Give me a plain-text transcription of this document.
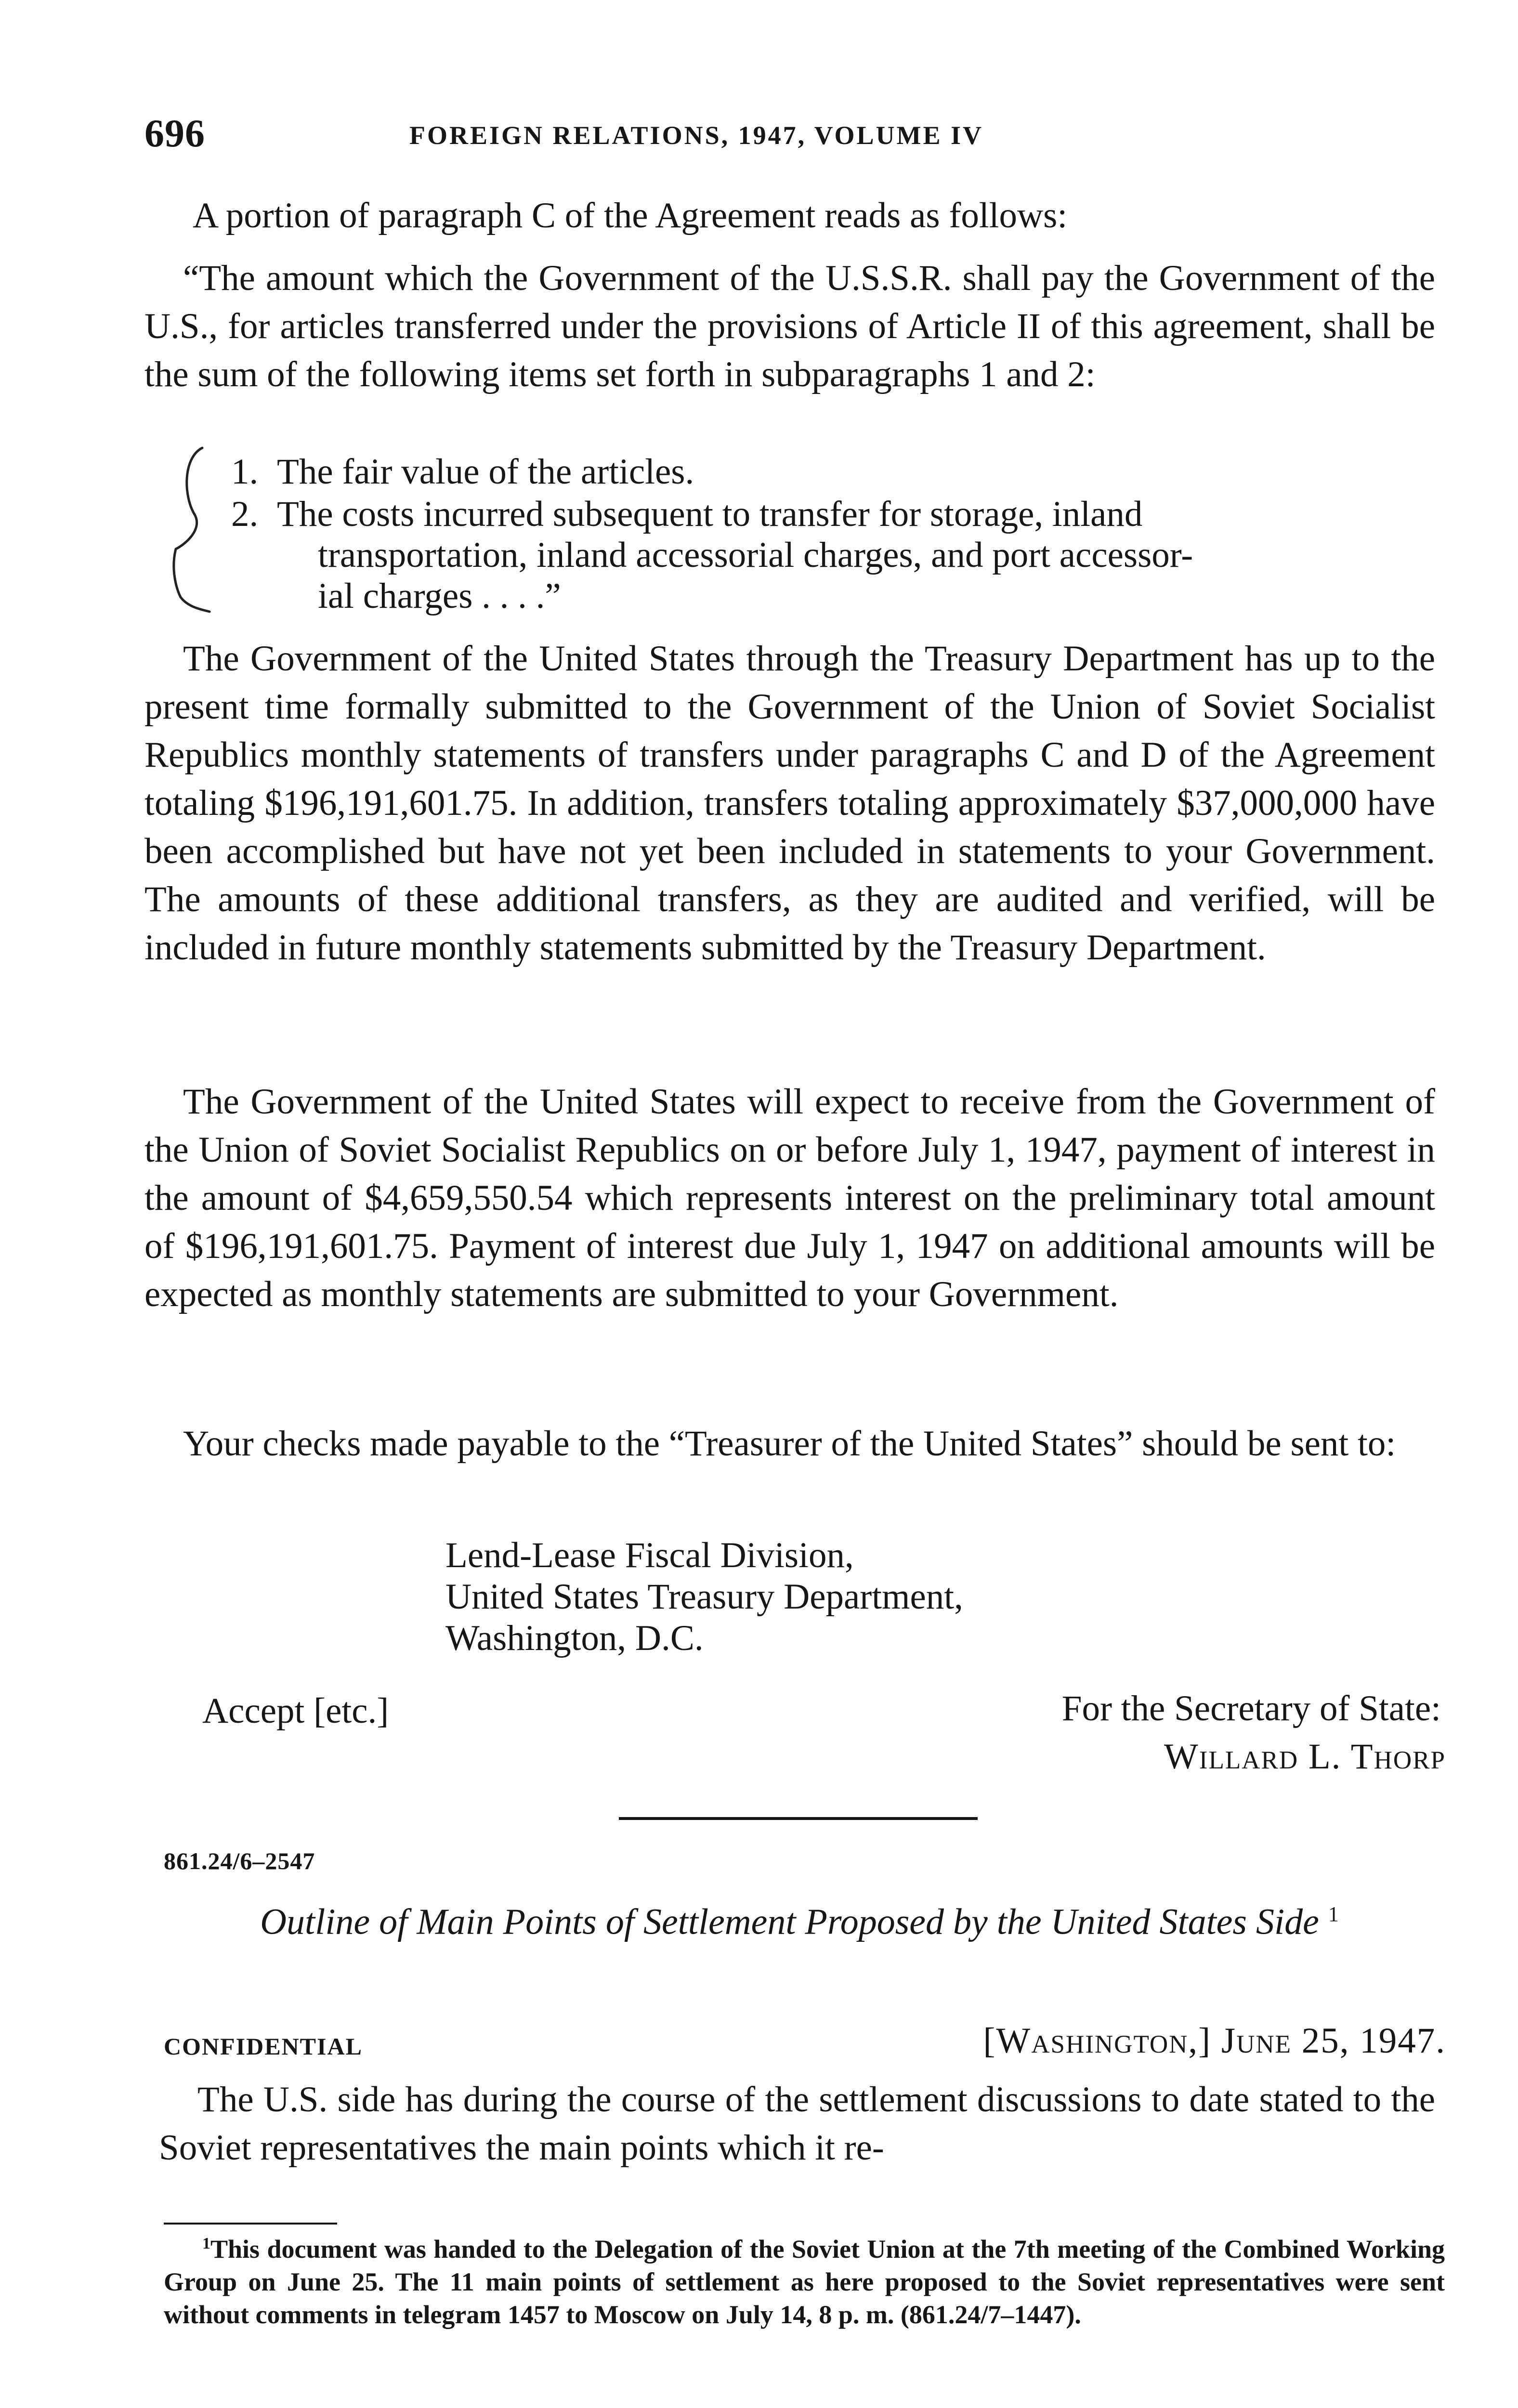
696	FOREIGN RELATIONS, 1947, VOLUME IV
A portion of paragraph C of the Agreement reads as follows:

“The amount which the Government of the U.S.S.R. shall pay the Government of the U.S., for articles transferred under the provisions of Article II of this agreement, shall be the sum of the following items set forth in subparagraphs 1 and 2:

1. The fair value of the articles.
2. The costs incurred subsequent to transfer for storage, inland
transportation, inland accessorial charges, and port accessor-
ial charges . . . .”

The Government of the United States through the Treasury Department has up to the present time formally submitted to the Government of the Union of Soviet Socialist Republics monthly statements of transfers under paragraphs C and D of the Agreement totaling $196,191,601.75. In addition, transfers totaling approximately $37,000,000 have been accomplished but have not yet been included in statements to your Government. The amounts of these additional transfers, as they are audited and verified, will be included in future monthly statements submitted by the Treasury Department.

The Government of the United States will expect to receive from the Government of the Union of Soviet Socialist Republics on or before July 1, 1947, payment of interest in the amount of $4,659,550.54 which represents interest on the preliminary total amount of $196,191,601.75. Payment of interest due July 1, 1947 on additional amounts will be expected as monthly statements are submitted to your Government.

Your checks made payable to the “Treasurer of the United States” should be sent to:

Lend-Lease Fiscal Division,
United States Treasury Department,
Washington, D.C.
Accept [etc.]	For the Secretary of State:
Willard L. Thorp
861.24/6–2547
Outline of Main Points of Settlement Proposed by the United States Side $^1$
CONFIDENTIAL	[Washington,] June 25, 1947.

The U.S. side has during the course of the settlement discussions to date stated to the Soviet representatives the main points which it re-

$^1$This document was handed to the Delegation of the Soviet Union at the 7th meeting of the Combined Working Group on June 25. The 11 main points of settlement as here proposed to the Soviet representatives were sent without comments in telegram 1457 to Moscow on July 14, 8 p. m. (861.24/7–1447).
